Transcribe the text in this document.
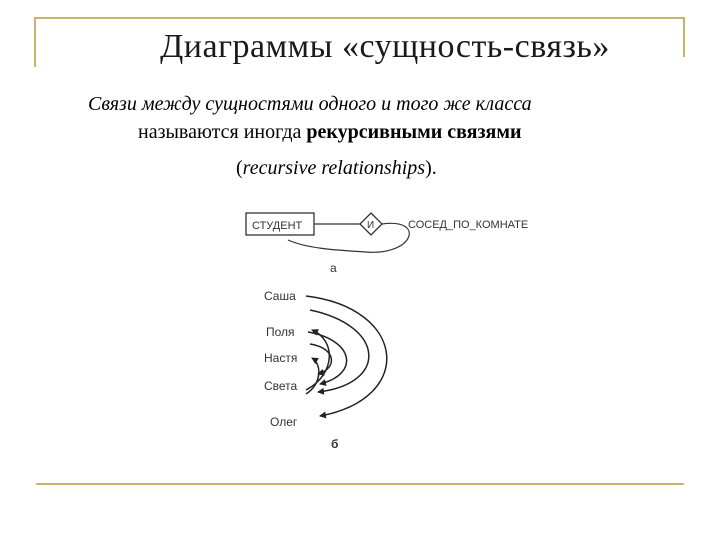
Диаграммы «сущность-связь»
Связи между сущностями одного и того же класса
называются иногда рекурсивными связями
(recursive relationships).
СТУДЕНТ	И	СОСЕД_ПО_КОМНАТЕ
а
Саша
Поля
Настя
Света
Олег
б
